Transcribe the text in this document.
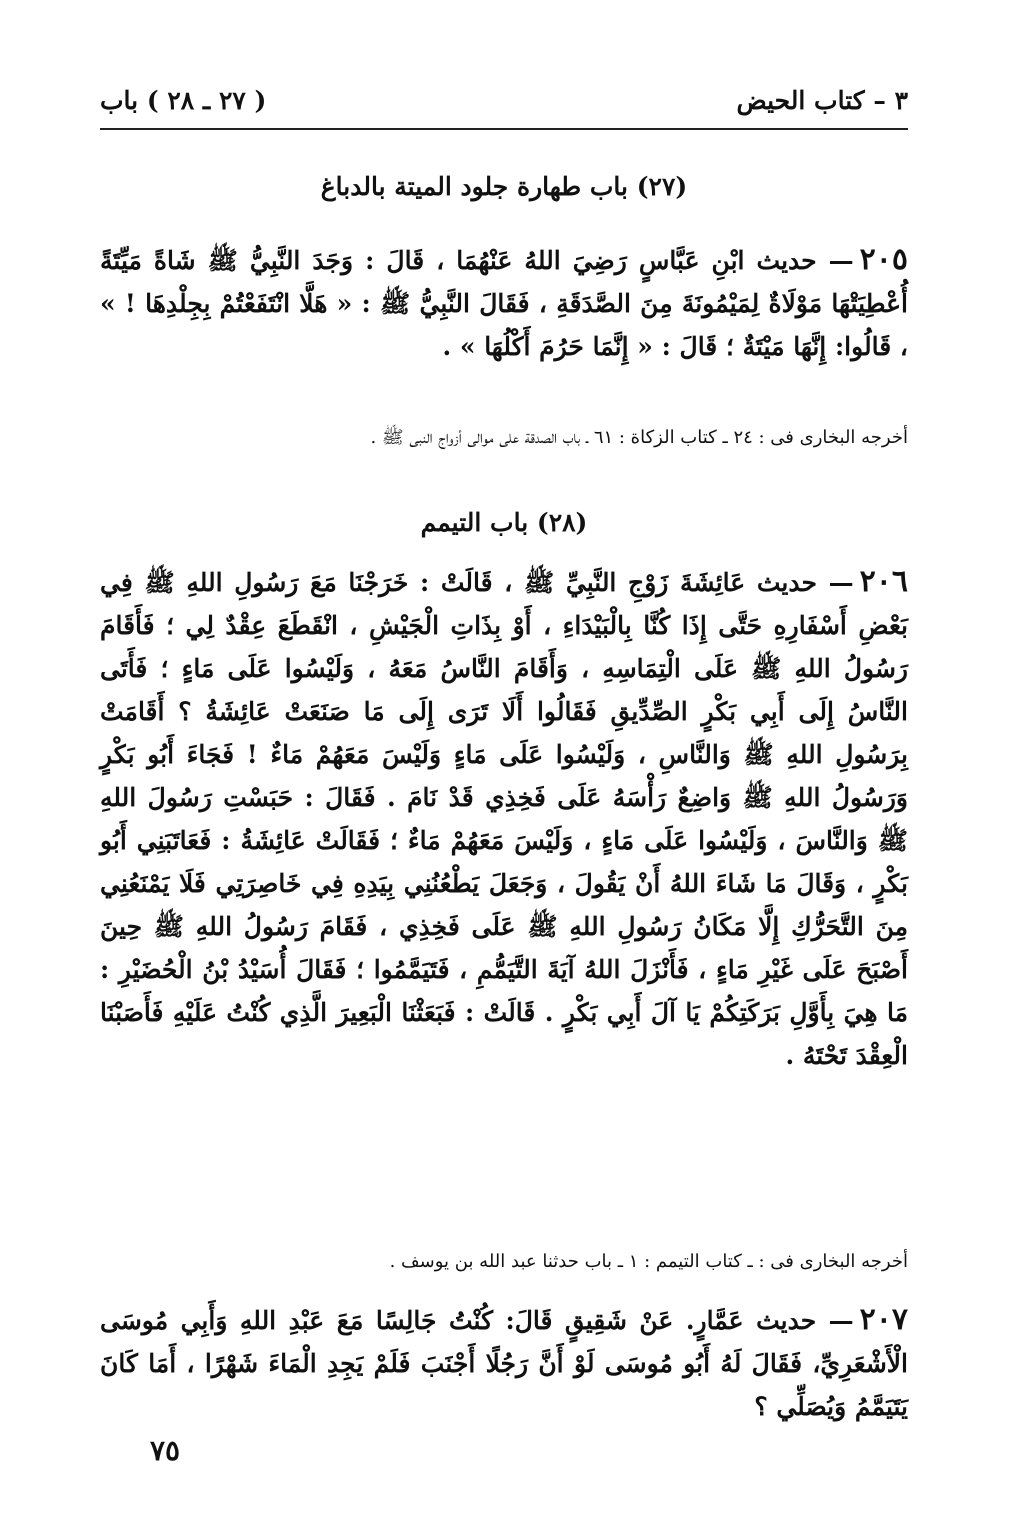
٣ – كتاب الحيض
( ٢٧ ـ ٢٨ ) باب
(٢٧) باب طهارة جلود الميتة بالدباغ
٢٠٥— حديث ابْنِ عَبَّاسٍ رَضِيَ اللهُ عَنْهُمَا ، قَالَ : وَجَدَ النَّبِيُّ ﷺ شَاةً مَيِّتَةً أُعْطِيَتْهَا مَوْلَاةٌ لِمَيْمُونَةَ مِنَ الصَّدَقَةِ ، فَقَالَ النَّبِيُّ ﷺ : « هَلَّا انْتَفَعْتُمْ بِجِلْدِهَا ! » ، قَالُوا: إِنَّهَا مَيْتَةٌ ؛ قَالَ : « إِنَّمَا حَرُمَ أَكْلُهَا » .
أخرجه البخارى فى : ٢٤ ـ كتاب الزكاة : ٦١ ـ باب الصدقة على موالى أزواج النبى ﷺ .
(٢٨) باب التيمم
٢٠٦— حديث عَائِشَةَ زَوْجِ النَّبِيِّ ﷺ ، قَالَتْ : خَرَجْنَا مَعَ رَسُولِ اللهِ ﷺ فِي بَعْضِ أَسْفَارِهِ حَتَّى إِذَا كُنَّا بِالْبَيْدَاءِ ، أَوْ بِذَاتِ الْجَيْشِ ، انْقَطَعَ عِقْدٌ لِي ؛ فَأَقَامَ رَسُولُ اللهِ ﷺ عَلَى الْتِمَاسِهِ ، وَأَقَامَ النَّاسُ مَعَهُ ، وَلَيْسُوا عَلَى مَاءٍ ؛ فَأَتَى النَّاسُ إِلَى أَبِي بَكْرٍ الصِّدِّيقِ فَقَالُوا أَلَا تَرَى إِلَى مَا صَنَعَتْ عَائِشَةُ ؟ أَقَامَتْ بِرَسُولِ اللهِ ﷺ وَالنَّاسِ ، وَلَيْسُوا عَلَى مَاءٍ وَلَيْسَ مَعَهُمْ مَاءٌ ! فَجَاءَ أَبُو بَكْرٍ وَرَسُولُ اللهِ ﷺ وَاضِعٌ رَأْسَهُ عَلَى فَخِذِي قَدْ نَامَ . فَقَالَ : حَبَسْتِ رَسُولَ اللهِ ﷺ وَالنَّاسَ ، وَلَيْسُوا عَلَى مَاءٍ ، وَلَيْسَ مَعَهُمْ مَاءٌ ؛ فَقَالَتْ عَائِشَةُ : فَعَاتَبَنِي أَبُو بَكْرٍ ، وَقَالَ مَا شَاءَ اللهُ أَنْ يَقُولَ ، وَجَعَلَ يَطْعُنُنِي بِيَدِهِ فِي خَاصِرَتِي فَلَا يَمْنَعُنِي مِنَ التَّحَرُّكِ إِلَّا مَكَانُ رَسُولِ اللهِ ﷺ عَلَى فَخِذِي ، فَقَامَ رَسُولُ اللهِ ﷺ حِينَ أَصْبَحَ عَلَى غَيْرِ مَاءٍ ، فَأَنْزَلَ اللهُ آيَةَ التَّيَمُّمِ ، فَتَيَمَّمُوا ؛ فَقَالَ أُسَيْدُ بْنُ الْحُضَيْرِ : مَا هِيَ بِأَوَّلِ بَرَكَتِكُمْ يَا آلَ أَبِي بَكْرٍ . قَالَتْ : فَبَعَثْنَا الْبَعِيرَ الَّذِي كُنْتُ عَلَيْهِ فَأَصَبْنَا الْعِقْدَ تَحْتَهُ .
أخرجه البخارى فى : ـ كتاب التيمم : ١ ـ باب حدثنا عبد الله بن يوسف .
٢٠٧— حديث عَمَّارٍ. عَنْ شَقِيقٍ قَالَ: كُنْتُ جَالِسًا مَعَ عَبْدِ اللهِ وَأَبِي مُوسَى الْأَشْعَرِيِّ، فَقَالَ لَهُ أَبُو مُوسَى لَوْ أَنَّ رَجُلًا أَجْنَبَ فَلَمْ يَجِدِ الْمَاءَ شَهْرًا ، أَمَا كَانَ يَتَيَمَّمُ وَيُصَلِّي ؟
٧٥
